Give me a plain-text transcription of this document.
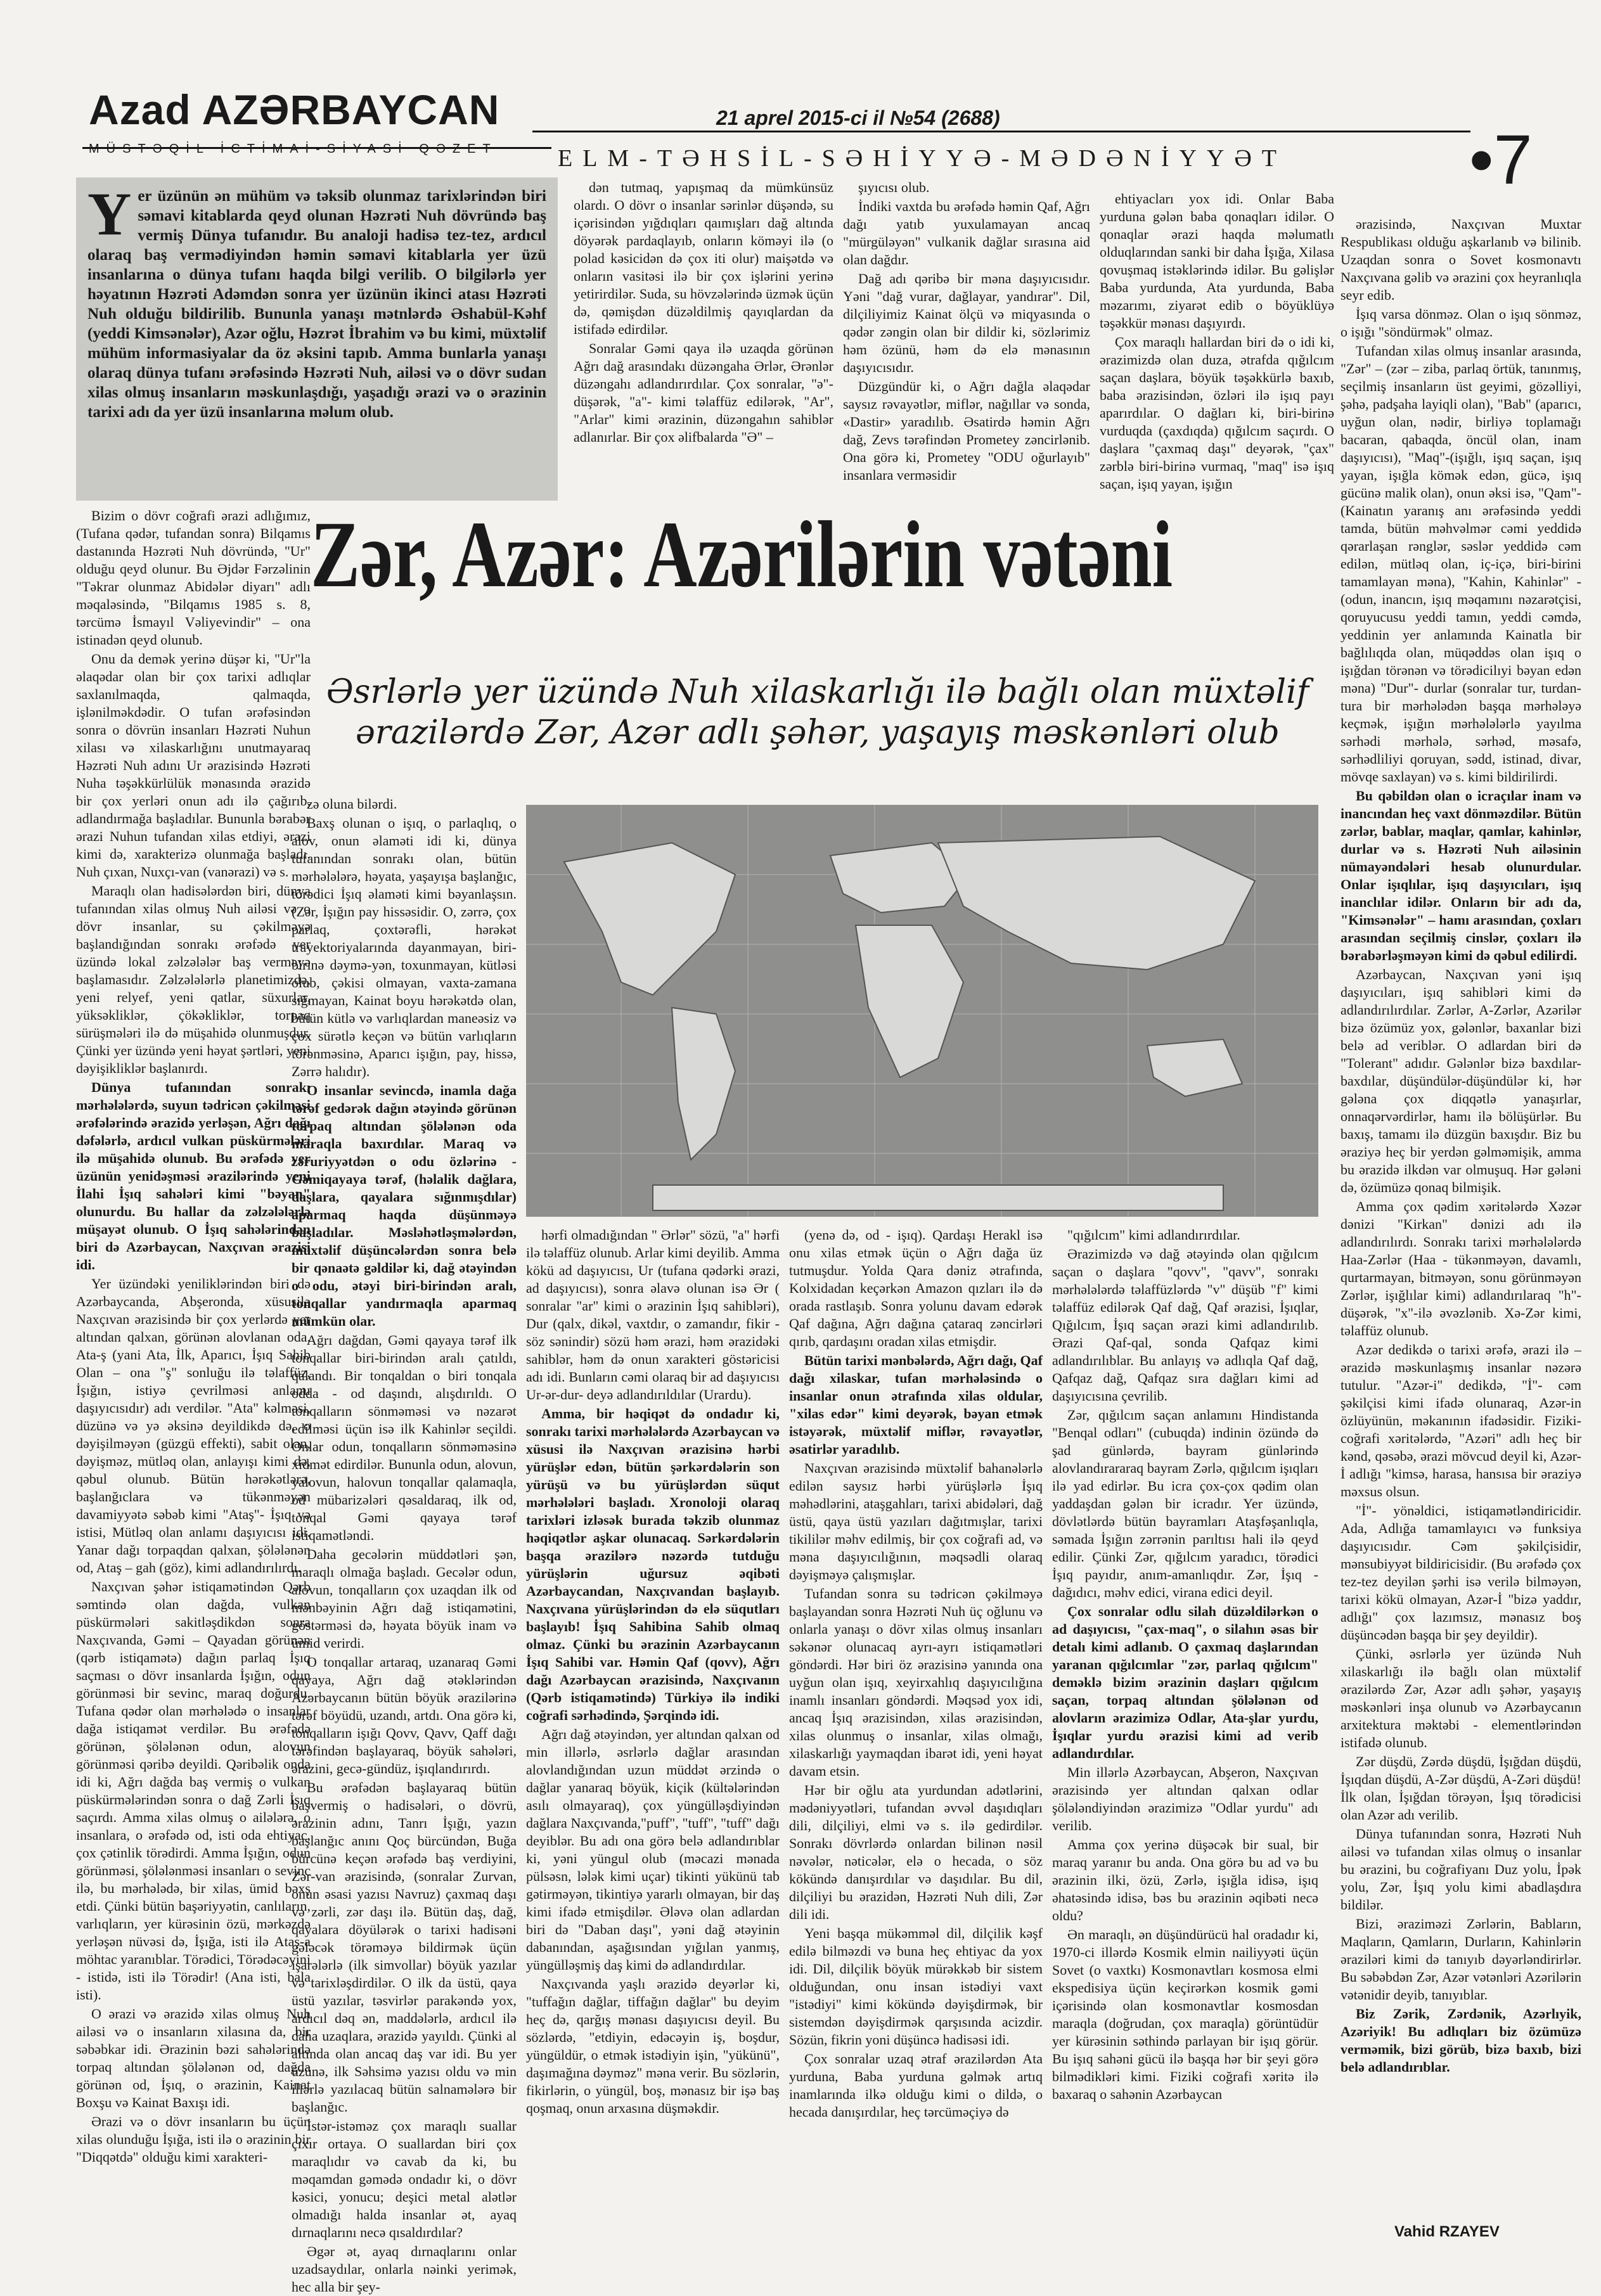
Azad AZƏRBAYCAN
MÜSTƏQİL İCTİMAİ-SİYASİ QƏZET
21 aprel 2015-ci il №54 (2688)
ELM-TƏHSİL-SƏHİYYƏ-MƏDƏNİYYƏT	•7
Y er üzünün ən mühüm və təksib olunmaz tarixlərindən biri səmavi kitablarda qeyd olunan Həzrəti Nuh dövründə baş vermiş Dünya tufanıdır. Bu analoji hadisə tez-tez, ardıcıl olaraq baş vermədiyindən həmin səmavi kitablarla yer üzü insanlarına o dünya tufanı haqda bilgi verilib. O bilgilərlə yer həyatının Həzrəti Adəmdən sonra yer üzünün ikinci atası Həzrəti Nuh olduğu bildirilib. Bununla yanaşı mətnlərdə Əshabül-Kəhf (yeddi Kimsənələr), Azər oğlu, Həzrət İbrahim və bu kimi, müxtəlif mühüm informasiyalar da öz əksini tapıb. Amma bunlarla yanaşı olaraq dünya tufanı ərəfəsində Həzrəti Nuh, ailəsi və o dövr sudan xilas olmuş insanların məskunlaşdığı, yaşadığı ərazi və o ərazinin tarixi adı da yer üzü insanlarına məlum olub.

dən tutmaq, yapışmaq da mümkünsüz olardı. O dövr o insanlar sərinlər düşəndə, su içərisindən yığdıqları qaımışları dağ altında döyərək pardaqlayıb, onların köməyi ilə (o polad kəsicidən də çox iti olur) maişətdə və onların vasitəsi ilə bir çox işlərini yerinə yetirirdilər. Suda, su hövzələrində üzmək üçün də, qəmişdən düzəldilmiş qayıqlardan da istifadə edirdilər.

Sonralar Gəmi qaya ilə uzaqda görünən Ağrı dağ arasındakı düzəngaha Ərlər, Ərənlər düzəngahı adlandırırdılar. Çox sonralar, "ə"- düşərək, "a"- kimi təlaffüz edilərək, "Ar", "Arlar" kimi ərazinin, düzəngahın sahiblər adlanırlar. Bir çox əlifbalarda "Ə" –

şıyıcısı olub.

İndiki vaxtda bu ərəfədə həmin Qaf, Ağrı dağı yatıb yuxulamayan ancaq "mürgüləyən" vulkanik dağlar sırasına aid olan dağdır.

Dağ adı qəribə bir məna daşıyıcısıdır. Yəni "dağ vurar, dağlayar, yandırar". Dil, dilçiliyimiz Kainat ölçü və miqyasında o qədər zəngin olan bir dildir ki, sözlərimiz həm özünü, həm də elə mənasının daşıyıcısıdır.

Düzgündür ki, o Ağrı dağla əlaqədar saysız rəvayətlər, miflər, nağıllar və sonda, «Dastir» yaradılıb. Əsatirdə həmin Ağrı dağ, Zevs tərəfindən Prometey zəncirlənib. Ona görə ki, Prometey "ODU oğurlayıb" insanlara verməsidir

ehtiyacları yox idi. Onlar Baba yurduna gələn baba qonaqları idilər. O qonaqlar ərazi haqda məlumatlı olduqlarından sanki bir daha İşığa, Xilasa qovuşmaq istəklərində idilər. Bu gəlişlər Baba yurdunda, Ata yurdunda, Baba məzarımı, ziyarət edib o böyüklüyə təşəkkür mənası daşıyırdı.

Çox maraqlı hallardan biri də o idi ki, ərazimizdə olan duza, ətrafda qığılcım saçan daşlara, böyük təşəkkürlə baxıb, baba ərazisindən, özləri ilə işıq payı aparırdılar. O dağları ki, biri-birinə vurduqda (çaxdıqda) qığılcım saçırdı. O daşlara "çaxmaq daşı" deyərək, "çax" zərblə biri-birinə vurmaq, "maq" isə işıq saçan, işıq yayan, işığın

Zər, Azər: Azərilərin vətəni
Əsrlərlə yer üzündə Nuh xilaskarlığı ilə bağlı olan müxtəlif ərazilərdə Zər, Azər adlı şəhər, yaşayış məskənləri olub

Bizim o dövr coğrafi ərazi adlığımız, (Tufana qədər, tufandan sonra) Bilqamıs dastanında Həzrəti Nuh dövründə, "Ur" olduğu qeyd olunur. Bu Əjdər Fərzəlinin "Təkrar olunmaz Abidələr diyarı" adlı məqaləsində, "Bilqamıs 1985 s. 8, tərcümə İsmayıl Vəliyevindir" – ona istinadən qeyd olunub.

Onu da demək yerinə düşər ki, "Ur"la əlaqədar olan bir çox tarixi adlıqlar saxlanılmaqda, qalmaqda, işlənilməkdədir. O tufan ərəfəsindən sonra o dövrün insanları Həzrəti Nuhun xilası və xilaskarlığını unutmayaraq Həzrəti Nuh adını Ur ərazisində Həzrəti Nuha təşəkkürlülük mənasında ərazidə bir çox yerləri onun adı ilə çağırıb, adlandırmağa başladılar. Bununla bərabər ərazi Nuhun tufandan xilas etdiyi, ərazi kimi də, xarakterizə olunmağa başladı. Nuh çıxan, Nuxçı-van (vanərazi) və s.

Maraqlı olan hadisələrdən biri, dünya tufanından xilas olmuş Nuh ailəsi və o dövr insanlar, su çəkilməyə başlandığından sonrakı ərəfədə yer üzündə lokal zəlzələlər baş verməyə başlamasıdır. Zəlzələlərlə planetimizdə, yeni relyef, yeni qatlar, süxurlar, yüksəkliklər, çökəkliklər, torpaq sürüşmələri ilə də müşahidə olunmuşdur. Çünki yer üzündə yeni həyat şərtləri, yeni dəyişikliklər başlanırdı.

Dünya tufanından sonrakı mərhələlərdə, suyun tədricən çəkilməsi ərəfələrində ərazidə yerləşən, Ağrı dağı dəfələrlə, ardıcıl vulkan püskürmələri ilə müşahidə olunub. Bu ərəfədə yer üzünün yenidəşməsi ərazilərində yeni İlahi İşıq sahələri kimi "bəyan" olunurdu. Bu hallar da zəlzələlərlə müşayət olunub. O İşıq sahələrindən biri də Azərbaycan, Naxçıvan ərazisi idi.

Yer üzündəki yeniliklərindən biri də Azərbaycanda, Abşeronda, xüsusilə Naxçıvan ərazisində bir çox yerlərdə yer altından qalxan, görünən alovlanan oda, Ata-ş (yani Ata, İlk, Aparıcı, İşıq Sahib Olan – ona "ş" sonluğu ilə təlaffüz, İşığın, istiyə çevrilməsi anlamı daşıyıcısıdır) adı verdilər. "Ata" kəlməsi, düzünə və yə əksinə deyildikdə də, o dəyişilməyən (güzgü effekti), sabit olan, dəyişməz, mütləq olan, anlayışı kimi də, qəbul olunub. Bütün hərəkətlərə, başlanğıclara və tükənməyən davamiyyətə səbəb kimi "Ataş"- İşıq və istisi, Mütləq olan anlamı daşıyıcısı idi. Yanar dağı torpaqdan qalxan, şölələnən od, Ataş – gah (göz), kimi adlandırılırdı.

Naxçıvan şəhər istiqamətindən Qərb səmtində olan dağda, vulkan püskürmələri sakitləşdikdən sonra Naxçıvanda, Gəmi – Qayadan görünən (qərb istiqamətə) dağın parlaq İşıq saçması o dövr insanlarda İşığın, odun görünməsi bir sevinc, maraq doğurdu. Tufana qədər olan mərhələdə o insanlar dağa istiqamət verdilər. Bu ərəfədə görünən, şölələnən odun, alovun görünməsi qəribə deyildi. Qəribəlik onda idi ki, Ağrı dağda baş vermiş o vulkan püskürmələrindən sonra o dağ Zərli İşıq saçırdı. Amma xilas olmuş o ailələrə, o insanlara, o ərəfədə od, isti oda ehtiyac, çox çətinlik törədirdi. Amma İşığın, odun görünməsi, şölələnməsi insanları o sevinc ilə, bu mərhələdə, bir xilas, ümid bəxş etdi. Çünki bütün başəriyyətin, canlıların, varlıqların, yer kürəsinin özü, mərkəzdə yerləşən nüvəsi də, İşığa, isti ilə Ataş-a möhtac yaranıblar. Törədici, Törədəcəyini - istidə, isti ilə Törədir! (Ana isti, bala isti).

O ərazi və ərazidə xilas olmuş Nuh ailəsi və o insanların xilasına da, bir səbəbkar idi. Ərazinin bəzi sahələrində torpaq altından şölələnən od, dağda görünən od, İşıq, o ərazinin, Kainat Boxşu və Kainat Baxışı idi.

Ərazi və o dövr insanların bu üçün xilas olunduğu İşığa, isti ilə o ərazinin bir "Diqqətdə" olduğu kimi xarakteri-

zə oluna bilərdi.

Baxş olunan o işıq, o parlaqlıq, o alov, onun əlaməti idi ki, dünya tufanından sonrakı olan, bütün mərhələlərə, həyata, yaşayışa başlanğıc, törədici İşıq əlaməti kimi bəyanlaşsın. (Zər, İşığın pay hissəsidir. O, zərrə, çox parlaq, çoxtərəfli, hərəkət trayektoriyalarında dayanmayan, biri-birinə dəymə-yən, toxunmayan, kütləsi olub, çəkisi olmayan, vaxta-zamana sığmayan, Kainat boyu hərəkətdə olan, bütün kütlə və varlıqlardan maneəsiz və çox sürətlə keçən və bütün varlıqların törənməsinə, Aparıcı işığın, pay, hissə, Zərrə halıdır).

O insanlar sevincdə, inamla dağa tərəf gedərək dağın ətəyində görünən torpaq altından şölələnən oda maraqla baxırdılar. Maraq və zəruriyyətdən o odu özlərinə - Gəmiqayaya tərəf, (həlalik dağlara, daşlara, qayalara sığınmışdılar) aparmaq haqda düşünməyə başladılar. Məsləhətləşmələrdən, müxtəlif düşüncələrdən sonra belə bir qənaətə gəldilər ki, dağ ətəyindən o odu, ətəyi biri-birindən aralı, tonqallar yandırmaqla aparmaq mümkün olar.

Ağrı dağdan, Gəmi qayaya tərəf ilk tonqallar biri-birindən aralı çatıldı, qalandı. Bir tonqaldan o biri tonqala odda - od daşındı, alışdırıldı. O tonqalların sönməməsi və nəzarət edilməsi üçün isə ilk Kahinlər seçildi. Onlar odun, tonqalların sönməməsinə xidmət edirdilər. Bununla odun, alovun, yalovun, halovun tonqallar qalamaqla, od mübarizələri qəsaldaraq, ilk od, tonqal Gəmi qayaya tərəf istiqamətləndi.

Daha gecələrin müddətləri şən, maraqlı olmağa başladı. Gecələr odun, alovun, tonqalların çox uzaqdan ilk od mənbəyinin Ağrı dağ istiqamətini, göstərməsi də, həyata böyük inam və ümid verirdi.

O tonqallar artaraq, uzanaraq Gəmi qayaya, Ağrı dağ ətəklərindən Azərbaycanın bütün böyük ərazilərinə tərəf böyüdü, uzandı, artdı. Ona görə ki, tonqalların işığı Qovv, Qavv, Qaff dağı tərəfindən başlayaraq, böyük sahələri, ərazini, gecə-gündüz, işıqlandırırdı.

Bu ərəfədən başlayaraq bütün başvermiş o hadisələri, o dövrü, ərazinin adını, Tanrı İşığı, yazın başlanğıc anını Qoç bürcündən, Buğa bürcünə keçən ərəfədə baş verdiyini, Zər-van ərazisində, (sonralar Zurvan, onun əsasi yazısı Navruz) çaxmaq daşı və zərli, zər daşı ilə. Bütün daş, dağ, qayalara döyülərək o tarixi hadisəni gələcək törəməyə bildirmək üçün işarələrlə (ilk simvollar) böyük yazılar və tarixləşdirdilər. O ilk da üstü, qaya üstü yazılar, təsvirlər parakəndə yox, ardıcıl dəq ən, maddələrlə, ardıcıl ilə daha uzaqlara, ərazidə yayıldı. Çünki al altında olan ancaq daş var idi. Bu yer üzünə, ilk Səhsimə yazısı oldu və min illərlə yazılacaq bütün salnamələrə bir başlanğıc.

İstər-istəməz çox maraqlı suallar çıxır ortaya. O suallardan biri çox maraqlıdır və cavab da ki, bu məqamdan gəmədə ondadır ki, o dövr kəsici, yonucu; deşici metal alətlər olmadığı halda insanlar ət, ayaq dırnaqlarını necə qısaldırdılar?

Əgər ət, ayaq dırnaqlarını onlar uzadsaydılar, onlarla nəinki yerimək, hec alla bir şey-

hərfi olmadığından " Ərlər" sözü, "a" hərfi ilə təlaffüz olunub. Arlar kimi deyilib. Amma kökü ad daşıyıcısı, Ur (tufana qədərki ərazi, ad daşıyıcısı), sonra əlavə olunan isə Ər ( sonralar "ar" kimi o ərazinin İşıq sahibləri), Dur (qalx, dikəl, vaxtdır, o zamandır, fikir - söz sənindir) sözü həm ərazi, həm ərazidəki sahiblər, həm də onun xarakteri göstəricisi adı idi. Bunların cəmi olaraq bir ad daşıyıcısı Ur-ər-dur- deyə adlandırıldılar (Urardu).

Amma, bir həqiqət də ondadır ki, sonrakı tarixi mərhələlərdə Azərbaycan və xüsusi ilə Naxçıvan ərazisinə hərbi yürüşlər edən, bütün şərkərdələrin son yürüşü və bu yürüşlərdən süqut mərhələləri başladı. Xronoloji olaraq tarixləri izləsək burada təkzib olunmaz həqiqətlər aşkar olunacaq. Sərkərdələrin başqa ərazilərə nəzərdə tutduğu yürüşlərin uğursuz əqibəti Azərbaycandan, Naxçıvandan başlayıb. Naxçıvana yürüşlərindən də elə süqutları başlayıb! İşıq Sahibina Sahib olmaq olmaz. Çünki bu ərazinin Azərbaycanın İşıq Sahibi var. Həmin Qaf (qovv), Ağrı dağı Azərbaycan ərazisində, Naxçıvanın (Qərb istiqamətində) Türkiyə ilə indiki coğrafi sərhədində, Şərqində idi.

Ağrı dağ ətəyindən, yer altından qalxan od min illərlə, əsrlərlə dağlar arasından alovlandığından uzun müddət ərzində o dağlar yanaraq böyük, kiçik (kültələrindən asılı olmayaraq), çox yüngülləşdiyindən dağlara Naxçıvanda,"puff", "tuff", "tuff" dağı deyiblər. Bu adı ona görə belə adlandırıblar ki, yəni yüngul olub (məcazi mənada pülsəsn, lələk kimi uçar) tikinti yükünü tab gətirməyən, tikintiyə yararlı olmayan, bir daş kimi ifadə etmişdilər. Ələvə olan adlardan biri də "Daban daşı", yəni dağ ətəyinin dabanından, aşağısından yığılan yanmış, yüngülləşmiş daş kimi də adlandırdılar.

Naxçıvanda yaşlı ərazidə deyərlər ki, "tuffağın dağlar, tiffağın dağlar" bu deyim heç də, qarğış mənası daşıyıcısı deyil. Bu sözlərdə, "etdiyin, edəcəyin iş, boşdur, yüngüldür, o etmək istədiyin işin, "yükünü", daşımağına dəyməz" məna verir. Bu sözlərin, fikirlərin, o yüngül, boş, mənasız bir işə baş qoşmaq, onun arxasına düşməkdir.

(yenə də, od - işıq). Qardaşı Herakl isə onu xilas etmək üçün o Ağrı dağa üz tutmuşdur. Yolda Qara dəniz ətrafında, Kolxidadan keçərkən Amazon qızları ilə də orada rastlaşıb. Sonra yolunu davam edərək Qaf dağına, Ağrı dağına çataraq zəncirləri qırıb, qardaşını oradan xilas etmişdir.

Bütün tarixi mənbələrdə, Ağrı dağı, Qaf dağı xilaskar, tufan mərhələsində o insanlar onun ətrafında xilas oldular, "xilas edər" kimi deyərək, bəyan etmək istəyərək, müxtəlif miflər, rəvayətlər, əsatirlər yaradılıb.

Naxçıvan ərazisində müxtəlif bahanələrlə edilən saysız hərbi yürüşlərlə İşıq məhədlərini, ataşgahları, tarixi abidələri, dağ üstü, qaya üstü yazıları dağıtmışlar, tarixi tikililər məhv edilmiş, bir çox coğrafi ad, və məna daşıyıcılığının, məqsədli olaraq dəyişməyə çalışmışlar.

Tufandan sonra su tədricən çəkilməyə başlayandan sonra Həzrəti Nuh üç oğlunu və onlarla yanaşı o dövr xilas olmuş insanları səkənər olunacaq ayrı-ayrı istiqamətləri göndərdi. Hər biri öz ərazisinə yanında ona uyğun olan işıq, xeyirxahlıq daşıyıcılığına inamlı insanları göndərdi. Məqsəd yox idi, ancaq İşıq ərazisindən, xilas ərazisindən, xilas olunmuş o insanlar, xilas olmağı, xilaskarlığı yaymaqdan ibarət idi, yeni həyat davam etsin.

Hər bir oğlu ata yurdundan adətlərini, mədəniyyətləri, tufandan əvvəl daşıdıqları dili, dilçiliyi, elmi və s. ilə gedirdilər. Sonrakı dövrlərdə onlardan bilinən nəsil nəvələr, nəticələr, elə o hecada, o söz kökündə danışırdılar və daşıdılar. Bu dil, dilçiliyi bu ərazidən, Həzrəti Nuh dili, Zər dili idi.

Yeni başqa mükəmməl dil, dilçilik kəşf edilə bilməzdi və buna heç ehtiyac da yox idi. Dil, dilçilik böyük mürəkkəb bir sistem olduğundan, onu insan istədiyi vaxt "istədiyi" kimi kökündə dəyişdirmək, bir sistemdən dəyişdirmək qarşısında acizdir. Sözün, fikrin yoni düşüncə hadisəsi idi.

Çox sonralar uzaq ətraf ərazilərdən Ata yurduna, Baba yurduna gəlmək artıq inamlarında ilkə olduğu kimi o dildə, o hecada danışırdılar, heç tərcüməçiyə də

"qığılcım" kimi adlandırırdılar.

Ərazimizdə və dağ ətəyində olan qığılcım saçan o daşlara "qovv", "qavv", sonrakı mərhələlərdə təlaffüzlərdə "v" düşüb "f" kimi təlaffüz edilərək Qaf dağ, Qaf ərazisi, İşıqlar, Qığılcım, İşıq saçan ərazi kimi adlandırılıb. Ərazi Qaf-qal, sonda Qafqaz kimi adlandırılıblar. Bu anlayış və adlıqla Qaf dağ, Qafqaz dağ, Qafqaz sıra dağları kimi ad daşıyıcısına çevrilib.

Zər, qığılcım saçan anlamını Hindistanda "Benqal odları" (cubuqda) indinin özündə də şad günlərdə, bayram günlərində alovlandırararaq bayram Zərlə, qığılcım işıqları ilə yad edirlər. Bu icra çox-çox qədim olan yaddaşdan gələn bir icradır. Yer üzündə, dövlətlərdə bütün bayramları Ataşfəşanlıqla, səmada İşığın zərrənin parıltısı hali ilə qeyd edilir. Çünki Zər, qığılcım yaradıcı, törədici İşıq payıdır, anım-amanlıqdır. Zər, İşıq - dağıdıcı, məhv edici, virana edici deyil.

Çox sonralar odlu silah düzəldilərkən o ad daşıyıcısı, "çax-maq", o silahın əsas bir detalı kimi adlanıb. O çaxmaq daşlarından yaranan qığılcımlar "zər, parlaq qığılcım" deməklə bizim ərazinin daşları qığılcım saçan, torpaq altından şölələnən od alovların ərazimizə Odlar, Ata-şlar yurdu, İşıqlar yurdu ərazisi kimi ad verib adlandırdılar.

Min illərlə Azərbaycan, Abşeron, Naxçıvan ərazisində yer altından qalxan odlar şölələndiyindən ərazimizə "Odlar yurdu" adı verilib.

Amma çox yerinə düşəcək bir sual, bir maraq yaranır bu anda. Ona görə bu ad və bu ərazinin ilki, özü, Zərlə, işığla idisə, işıq əhatəsində idisə, bəs bu ərazinin əqibəti necə oldu?

Ən maraqlı, ən düşündürücü hal oradadır ki, 1970-ci illərdə Kosmik elmin nailiyyəti üçün Sovet (o vaxtkı) Kosmonavtları kosmosa elmi ekspedisiya üçün keçirərkən kosmik gəmi içərisində olan kosmonavtlar kosmosdan maraqla (doğrudan, çox maraqla) görüntüdür yer kürəsinin səthində parlayan bir işıq görür. Bu işıq sahəni gücü ilə başqa hər bir şeyi görə bilmədikləri kimi. Fiziki coğrafi xəritə ilə baxaraq o sahənin Azərbaycan

ərazisində, Naxçıvan Muxtar Respublikası olduğu aşkarlanıb və bilinib. Uzaqdan sonra o Sovet kosmonavtı Naxçıvana gəlib və ərazini çox heyranlıqla seyr edib.

İşıq varsa dönməz. Olan o işıq sönməz, o işığı "söndürmək" olmaz.

Tufandan xilas olmuş insanlar arasında, "Zər" – (zər – ziba, parlaq örtük, tanınmış, seçilmiş insanların üst geyimi, gözəlliyi, şəhə, padşaha layiqli olan), "Bab" (aparıcı, uyğun olan, nədir, birliyə toplamağı bacaran, qabaqda, öncül olan, inam daşıyıcısı), "Maq"-(işığlı, işıq saçan, işıq yayan, işığla kömək edən, gücə, işıq gücünə malik olan), onun əksi isə, "Qam"- (Kainatın yaranış anı ərəfəsində yeddi tamda, bütün məhvəlmər cəmi yeddidə qərarlaşan rənglər, səslər yeddidə cəm edilən, mütləq olan, iç-içə, biri-birini tamamlayan məna), "Kahin, Kahinlər" - (odun, inancın, işıq məqamını nəzarətçisi, qoruyucusu yeddi tamın, yeddi cəmdə, yeddinin yer anlamında Kainatla bir bağlılıqda olan, müqəddəs olan işıq o işığdan törənən və törədicilıyi bəyan edən məna) "Dur"- durlar (sonralar tur, turdan-tura bir mərhələdən başqa mərhələyə keçmək, işığın mərhələlərlə yayılma sərhədi mərhələ, sərhəd, məsafə, sərhədliliyi qoruyan, sədd, istinad, divar, mövqe saxlayan) və s. kimi bildirilirdi.

Bu qəbildən olan o icraçılar inam və inancından heç vaxt dönməzdilər. Bütün zərlər, bablar, maqlar, qamlar, kahinlər, durlar və s. Həzrəti Nuh ailəsinin nümayəndələri hesab olunurdular. Onlar işıqlılar, işıq daşıyıcıları, işıq inanclılar idilər. Onların bir adı da, "Kimsənələr" – hamı arasından, çoxları arasından seçilmiş cinslər, çoxları ilə bərabərləşməyən kimi də qəbul edilirdi.

Azərbaycan, Naxçıvan yəni işıq daşıyıcıları, işıq sahibləri kimi də adlandırılırdılar. Zərlər, A-Zərlər, Azərilər bizə özümüz yox, gələnlər, baxanlar bizi belə ad veriblər. O adlardan biri də "Tolerant" adıdır. Gələnlər bizə baxdılar-baxdılar, düşündülər-düşündülər ki, hər gələna çox diqqətlə yanaşırlar, onnaqərvərdirlər, hamı ilə bölüşürlər. Bu baxış, tamamı ilə düzgün baxışdır. Biz bu əraziyə heç bir yerdən gəlməmişik, amma bu ərazidə ilkdən var olmuşuq. Hər gələni də, özümüzə qonaq bilmişik.

Amma çox qədim xəritələrdə Xəzər dənizi "Kirkan" dənizi adı ilə adlandırılırdı. Sonrakı tarixi mərhələlərdə Haa-Zərlər (Haa - tükənməyən, davamlı, qurtarmayan, bitməyən, sonu görünməyən Zərlər, işığlılar kimi) adlandırılaraq "h"- düşərək, "x"-ilə əvəzlənib. Xə-Zər kimi, təlaffüz olunub.

Azər dedikdə o tarixi ərəfə, ərazi ilə – ərazidə məskunlaşmış insanlar nəzərə tutulur. "Azər-i" dedikdə, "İ"- cəm şəkilçisi kimi ifadə olunaraq, Azər-in özlüyünün, məkanının ifadəsidir. Fiziki-coğrafi xəritələrdə, "Azəri" adlı heç bir kənd, qəsəbə, ərazi mövcud deyil ki, Azər-İ adlığı "kimsə, harasa, hansısa bir əraziyə məxsus olsun.

"İ"- yönəldici, istiqamətləndiricidir. Ada, Adlığa tamamlayıcı və funksiya daşıyıcısıdır. Cəm şəkilçisidir, mənsubiyyət bildiricisidir. (Bu ərəfədə çox tez-tez deyilən şərhi isə verilə bilməyən, tarixi kökü olmayan, Azər-İ "bizə yaddır, adlığı" çox lazımsız, mənasız boş düşüncədən başqa bir şey deyildir).

Çünki, əsrlərlə yer üzündə Nuh xilaskarlığı ilə bağlı olan müxtəlif ərazilərdə Zər, Azər adlı şəhər, yaşayış məskənləri inşa olunub və Azərbaycanın arxitektura məktəbi - elementlərindən istifadə olunub.

Zər düşdü, Zərdə düşdü, İşığdan düşdü, İşıqdan düşdü, A-Zər düşdü, A-Zəri düşdü! İlk olan, İşığdan törəyən, İşıq törədicisi olan Azər adı verilib.

Dünya tufanından sonra, Həzrəti Nuh ailəsi və tufandan xilas olmuş o insanlar bu ərazini, bu coğrafiyanı Duz yolu, İpək yolu, Zər, İşıq yolu kimi abadlaşdıra bildilər.

Bizi, əraziməzi Zərlərin, Babların, Maqların, Qamların, Durların, Kahinlərin əraziləri kimi də tanıyıb dəyərləndirirlər. Bu səbəbdən Zər, Azər vətənləri Azərilərin vətənidir deyib, tanıyıblar.

Biz Zərik, Zərdənik, Azərlıyik, Azəriyik! Bu adlıqları biz özümüzə verməmik, bizi görüb, bizə baxıb, bizi belə adlandırıblar.

Vahid RZAYEV
